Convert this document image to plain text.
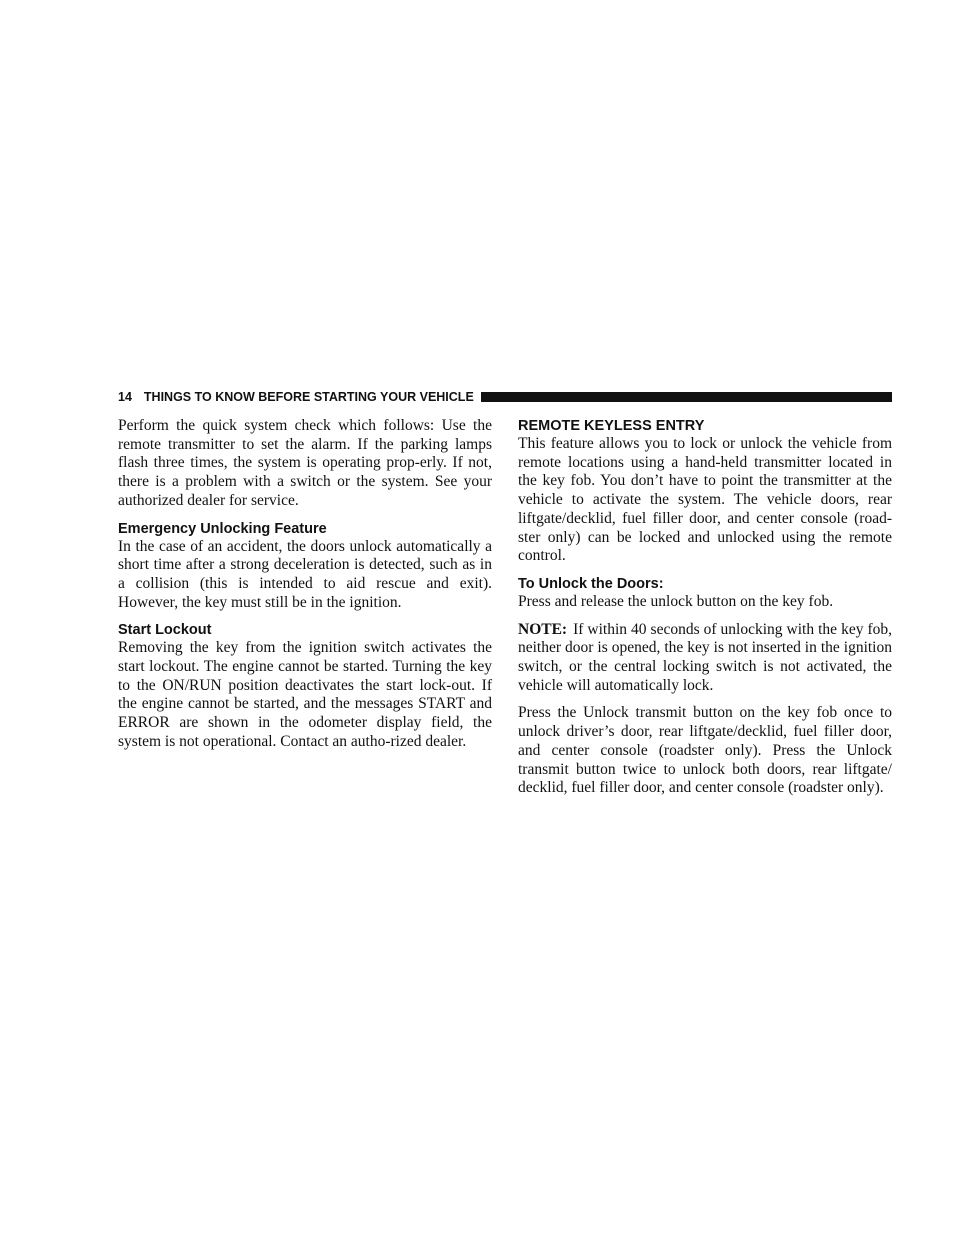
14 THINGS TO KNOW BEFORE STARTING YOUR VEHICLE

Perform the quick system check which follows: Use the remote transmitter to set the alarm. If the parking lamps flash three times, the system is operating prop-erly. If not, there is a problem with a switch or the system. See your authorized dealer for service.

Emergency Unlocking Feature

In the case of an accident, the doors unlock automatically a short time after a strong deceleration is detected, such as in a collision (this is intended to aid rescue and exit). However, the key must still be in the ignition.

Start Lockout

Removing the key from the ignition switch activates the start lockout. The engine cannot be started. Turning the key to the ON/RUN position deactivates the start lock-out. If the engine cannot be started, and the messages START and ERROR are shown in the odometer display field, the system is not operational. Contact an autho-rized dealer.

REMOTE KEYLESS ENTRY

This feature allows you to lock or unlock the vehicle from remote locations using a hand-held transmitter located in the key fob. You don’t have to point the transmitter at the vehicle to activate the system. The vehicle doors, rear liftgate/decklid, fuel filler door, and center console (road-ster only) can be locked and unlocked using the remote control.

To Unlock the Doors:

Press and release the unlock button on the key fob.

NOTE: If within 40 seconds of unlocking with the key fob, neither door is opened, the key is not inserted in the ignition switch, or the central locking switch is not activated, the vehicle will automatically lock.

Press the Unlock transmit button on the key fob once to unlock driver’s door, rear liftgate/decklid, fuel filler door, and center console (roadster only). Press the Unlock transmit button twice to unlock both doors, rear liftgate/ decklid, fuel filler door, and center console (roadster only).
